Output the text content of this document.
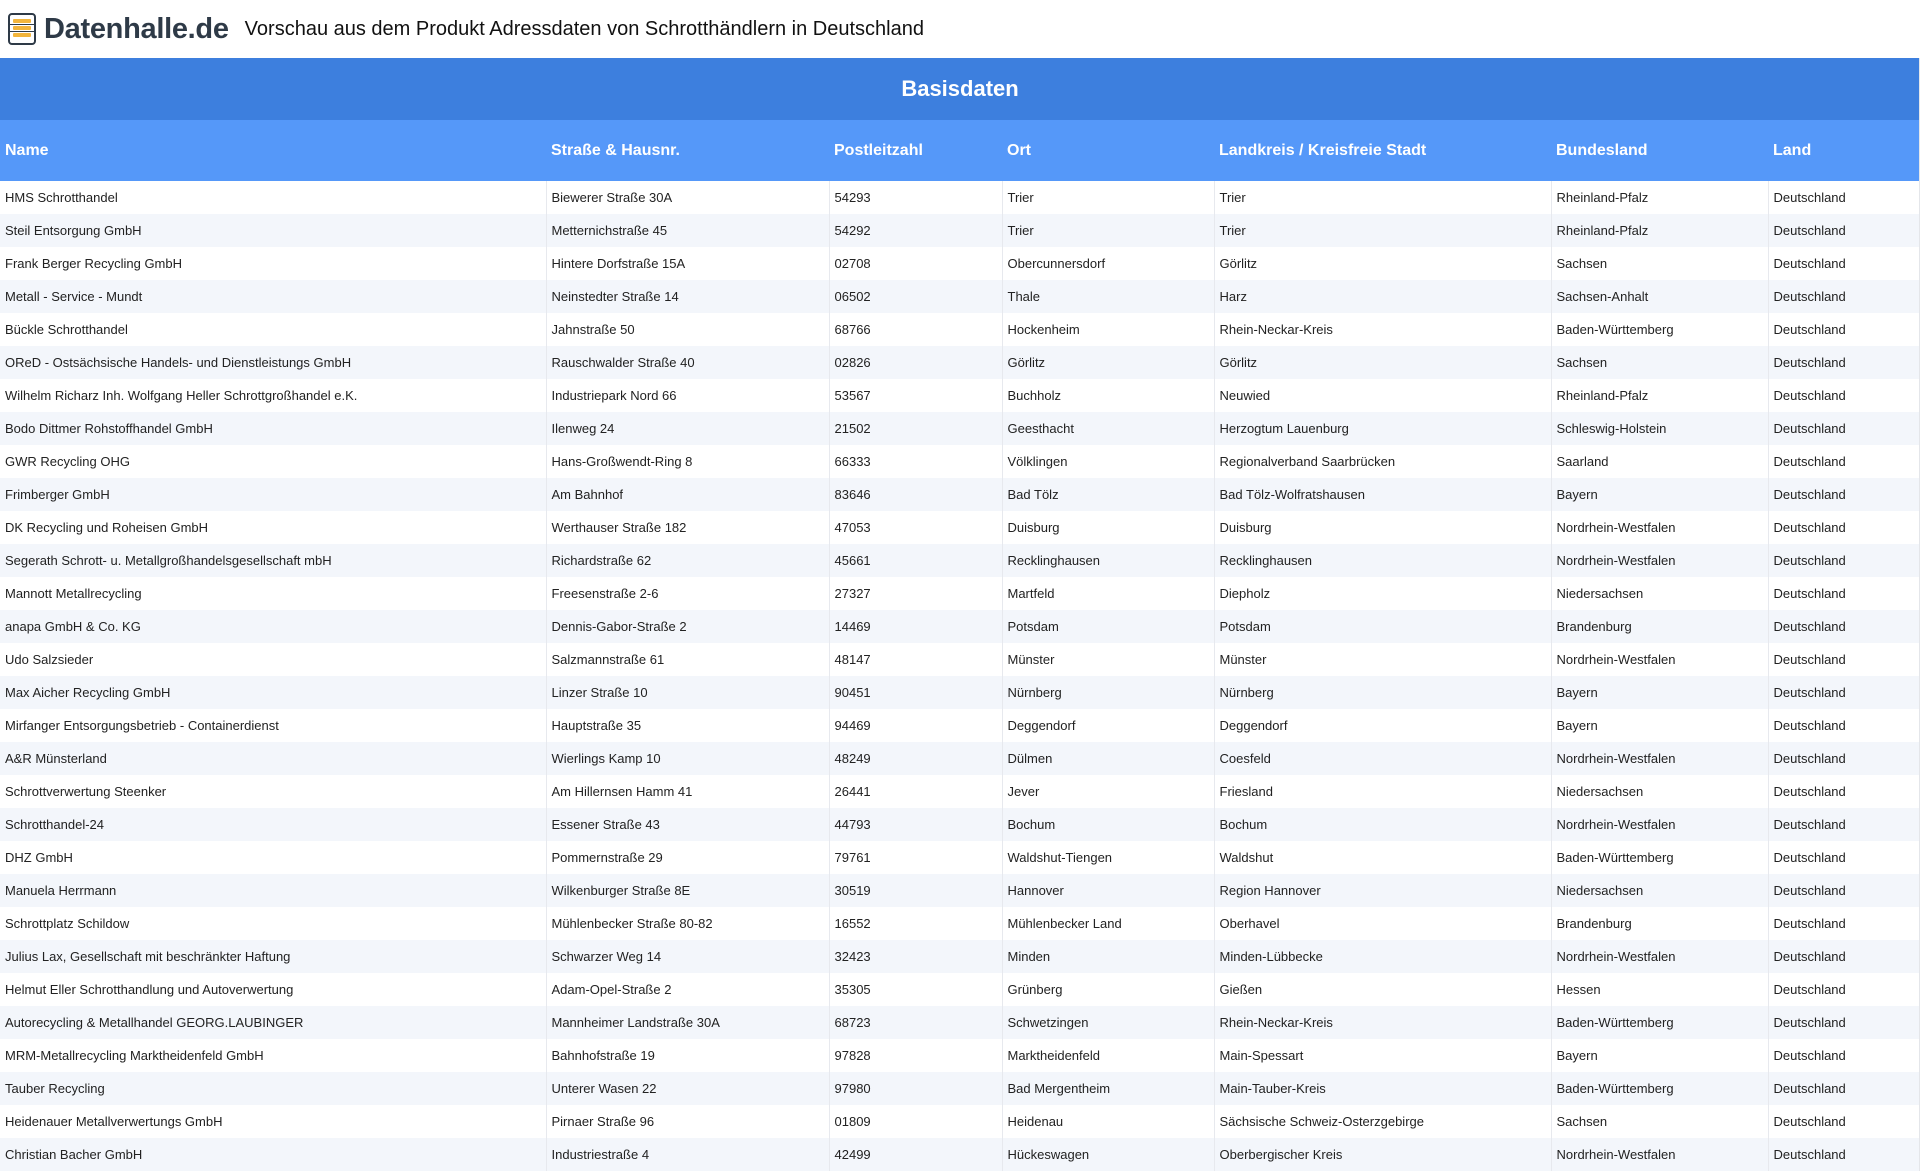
Datenhalle.de Vorschau aus dem Produkt Adressdaten von Schrotthändlern in Deutschland
Basisdaten						
Name	Straße & Hausnr.	Postleitzahl	Ort	Landkreis / Kreisfreie Stadt	Bundesland	Land
HMS Schrotthandel	Biewerer Straße 30A	54293	Trier	Trier	Rheinland-Pfalz	Deutschland
Steil Entsorgung GmbH	Metternichstraße 45	54292	Trier	Trier	Rheinland-Pfalz	Deutschland
Frank Berger Recycling GmbH	Hintere Dorfstraße 15A	02708	Obercunnersdorf	Görlitz	Sachsen	Deutschland
Metall - Service - Mundt	Neinstedter Straße 14	06502	Thale	Harz	Sachsen-Anhalt	Deutschland
Bückle Schrotthandel	Jahnstraße 50	68766	Hockenheim	Rhein-Neckar-Kreis	Baden-Württemberg	Deutschland
OReD - Ostsächsische Handels- und Dienstleistungs GmbH	Rauschwalder Straße 40	02826	Görlitz	Görlitz	Sachsen	Deutschland
Wilhelm Richarz Inh. Wolfgang Heller Schrottgroßhandel e.K.	Industriepark Nord 66	53567	Buchholz	Neuwied	Rheinland-Pfalz	Deutschland
Bodo Dittmer Rohstoffhandel GmbH	Ilenweg 24	21502	Geesthacht	Herzogtum Lauenburg	Schleswig-Holstein	Deutschland
GWR Recycling OHG	Hans-Großwendt-Ring 8	66333	Völklingen	Regionalverband Saarbrücken	Saarland	Deutschland
Frimberger GmbH	Am Bahnhof	83646	Bad Tölz	Bad Tölz-Wolfratshausen	Bayern	Deutschland
DK Recycling und Roheisen GmbH	Werthauser Straße 182	47053	Duisburg	Duisburg	Nordrhein-Westfalen	Deutschland
Segerath Schrott- u. Metallgroßhandelsgesellschaft mbH	Richardstraße 62	45661	Recklinghausen	Recklinghausen	Nordrhein-Westfalen	Deutschland
Mannott Metallrecycling	Freesenstraße 2-6	27327	Martfeld	Diepholz	Niedersachsen	Deutschland
anapa GmbH & Co. KG	Dennis-Gabor-Straße 2	14469	Potsdam	Potsdam	Brandenburg	Deutschland
Udo Salzsieder	Salzmannstraße 61	48147	Münster	Münster	Nordrhein-Westfalen	Deutschland
Max Aicher Recycling GmbH	Linzer Straße 10	90451	Nürnberg	Nürnberg	Bayern	Deutschland
Mirfanger Entsorgungsbetrieb - Containerdienst	Hauptstraße 35	94469	Deggendorf	Deggendorf	Bayern	Deutschland
A&R Münsterland	Wierlings Kamp 10	48249	Dülmen	Coesfeld	Nordrhein-Westfalen	Deutschland
Schrottverwertung Steenker	Am Hillernsen Hamm 41	26441	Jever	Friesland	Niedersachsen	Deutschland
Schrotthandel-24	Essener Straße 43	44793	Bochum	Bochum	Nordrhein-Westfalen	Deutschland
DHZ GmbH	Pommernstraße 29	79761	Waldshut-Tiengen	Waldshut	Baden-Württemberg	Deutschland
Manuela Herrmann	Wilkenburger Straße 8E	30519	Hannover	Region Hannover	Niedersachsen	Deutschland
Schrottplatz Schildow	Mühlenbecker Straße 80-82	16552	Mühlenbecker Land	Oberhavel	Brandenburg	Deutschland
Julius Lax, Gesellschaft mit beschränkter Haftung	Schwarzer Weg 14	32423	Minden	Minden-Lübbecke	Nordrhein-Westfalen	Deutschland
Helmut Eller Schrotthandlung und Autoverwertung	Adam-Opel-Straße 2	35305	Grünberg	Gießen	Hessen	Deutschland
Autorecycling & Metallhandel GEORG.LAUBINGER	Mannheimer Landstraße 30A	68723	Schwetzingen	Rhein-Neckar-Kreis	Baden-Württemberg	Deutschland
MRM-Metallrecycling Marktheidenfeld GmbH	Bahnhofstraße 19	97828	Marktheidenfeld	Main-Spessart	Bayern	Deutschland
Tauber Recycling	Unterer Wasen 22	97980	Bad Mergentheim	Main-Tauber-Kreis	Baden-Württemberg	Deutschland
Heidenauer Metallverwertungs GmbH	Pirnaer Straße 96	01809	Heidenau	Sächsische Schweiz-Osterzgebirge	Sachsen	Deutschland
Christian Bacher GmbH	Industriestraße 4	42499	Hückeswagen	Oberbergischer Kreis	Nordrhein-Westfalen	Deutschland
